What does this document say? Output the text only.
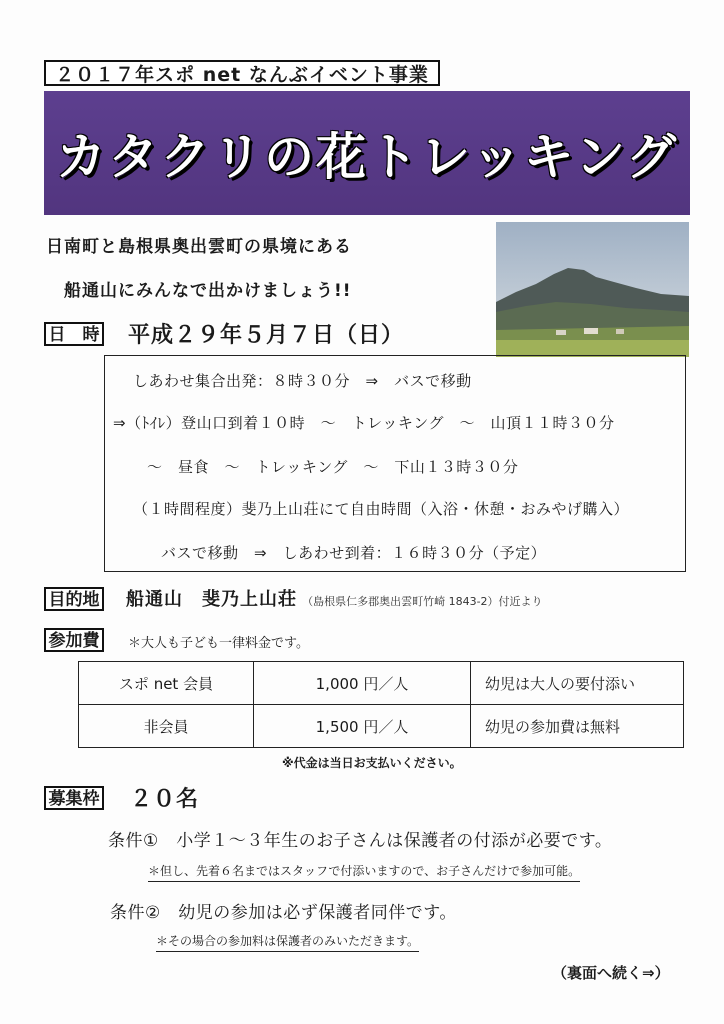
２０１７年スポ net なんぶイベント事業
カタクリの花トレッキング
日南町と島根県奥出雲町の県境にある
船通山にみんなで出かけましょう!!
日　時 平成２９年５月７日（日）
しあわせ集合出発：８時３０分　⇒　バスで移動
⇒（ﾄｲﾚ）登山口到着１０時　～　トレッキング　～　山頂１１時３０分
～　昼食　～　トレッキング　～　下山１３時３０分
（１時間程度）斐乃上山荘にて自由時間（入浴・休憩・おみやげ購入）
バスで移動　⇒　しあわせ到着：１６時３０分（予定）
目的地 船通山　斐乃上山荘 （島根県仁多郡奥出雲町竹崎 1843-2）付近より
参加費	＊大人も子ども一律料金です。
スポ net 会員	1,000 円／人	幼児は大人の要付添い
非会員	1,500 円／人	幼児の参加費は無料
※代金は当日お支払いください。
募集枠 ２０名
条件①　小学１～３年生のお子さんは保護者の付添が必要です。
＊但し、先着６名まではスタッフで付添いますので、お子さんだけで参加可能。
条件②　幼児の参加は必ず保護者同伴です。
＊その場合の参加料は保護者のみいただきます。
（裏面へ続く⇒）
